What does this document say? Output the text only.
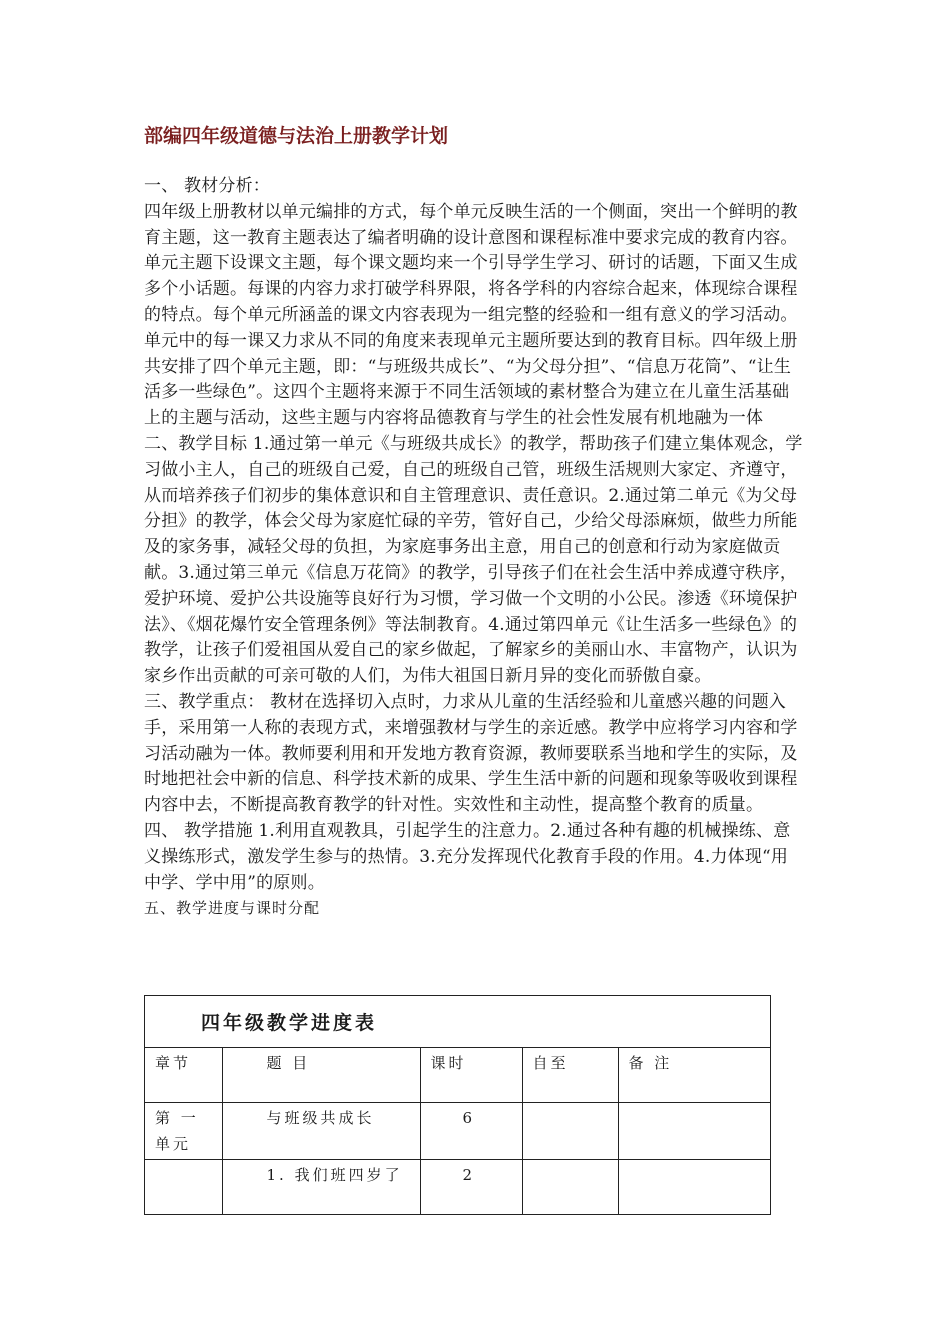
部编四年级道德与法治上册教学计划

一、 教材分析：

四年级上册教材以单元编排的方式，每个单元反映生活的一个侧面，突出一个鲜明的教育主题，这一教育主题表达了编者明确的设计意图和课程标准中要求完成的教育内容。单元主题下设课文主题，每个课文题均来一个引导学生学习、研讨的话题，下面又生成多个小话题。每课的内容力求打破学科界限，将各学科的内容综合起来，体现综合课程的特点。每个单元所涵盖的课文内容表现为一组完整的经验和一组有意义的学习活动。单元中的每一课又力求从不同的角度来表现单元主题所要达到的教育目标。四年级上册共安排了四个单元主题，即：“与班级共成长”、“为父母分担”、“信息万花筒”、“让生活多一些绿色”。这四个主题将来源于不同生活领域的素材整合为建立在儿童生活基础上的主题与活动，这些主题与内容将品德教育与学生的社会性发展有机地融为一体

二、教学目标 1.通过第一单元《与班级共成长》的教学，帮助孩子们建立集体观念，学习做小主人，自己的班级自己爱，自己的班级自己管，班级生活规则大家定、齐遵守，从而培养孩子们初步的集体意识和自主管理意识、责任意识。2.通过第二单元《为父母分担》的教学，体会父母为家庭忙碌的辛劳，管好自己，少给父母添麻烦，做些力所能及的家务事，减轻父母的负担，为家庭事务出主意，用自己的创意和行动为家庭做贡献。3.通过第三单元《信息万花筒》的教学，引导孩子们在社会生活中养成遵守秩序，爱护环境、爱护公共设施等良好行为习惯，学习做一个文明的小公民。渗透《环境保护法》、《烟花爆竹安全管理条例》等法制教育。4.通过第四单元《让生活多一些绿色》的教学，让孩子们爱祖国从爱自己的家乡做起，了解家乡的美丽山水、丰富物产，认识为家乡作出贡献的可亲可敬的人们，为伟大祖国日新月异的变化而骄傲自豪。

三、教学重点： 教材在选择切入点时，力求从儿童的生活经验和儿童感兴趣的问题入手，采用第一人称的表现方式，来增强教材与学生的亲近感。教学中应将学习内容和学习活动融为一体。教师要利用和开发地方教育资源，教师要联系当地和学生的实际，及时地把社会中新的信息、科学技术新的成果、学生生活中新的问题和现象等吸收到课程内容中去，不断提高教育教学的针对性。实效性和主动性，提高整个教育的质量。

四、 教学措施 1.利用直观教具，引起学生的注意力。2.通过各种有趣的机械操练、意义操练形式，激发学生参与的热情。3.充分发挥现代化教育手段的作用。4.力体现“用中学、学中用”的原则。

五、教学进度与课时分配

四年级教学进度表
章节	题 目	课时	自至	备 注
第 一单元	与班级共成长	6		
	1. 我们班四岁了	2		
